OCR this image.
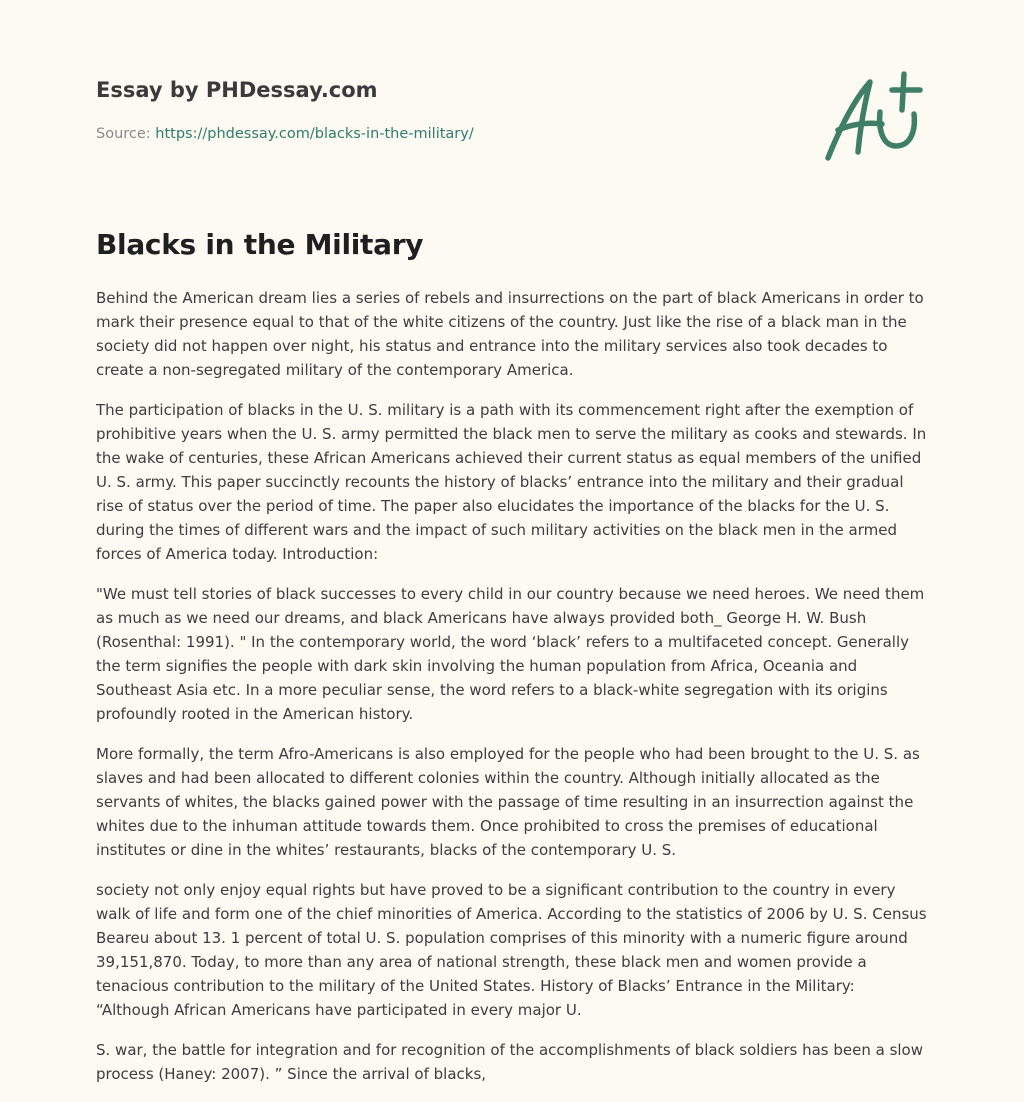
Essay by PHDessay.com
Source: https://phdessay.com/blacks-in-the-military/
Blacks in the Military

Behind the American dream lies a series of rebels and insurrections on the part of black Americans in order to mark their presence equal to that of the white citizens of the country. Just like the rise of a black man in the society did not happen over night, his status and entrance into the military services also took decades to create a non-segregated military of the contemporary America.

The participation of blacks in the U. S. military is a path with its commencement right after the exemption of prohibitive years when the U. S. army permitted the black men to serve the military as cooks and stewards. In the wake of centuries, these African Americans achieved their current status as equal members of the unified U. S. army. This paper succinctly recounts the history of blacks’ entrance into the military and their gradual rise of status over the period of time. The paper also elucidates the importance of the blacks for the U. S. during the times of different wars and the impact of such military activities on the black men in the armed forces of America today. Introduction:

"We must tell stories of black successes to every child in our country because we need heroes. We need them as much as we need our dreams, and black Americans have always provided both_ George H. W. Bush (Rosenthal: 1991). " In the contemporary world, the word ‘black’ refers to a multifaceted concept. Generally the term signifies the people with dark skin involving the human population from Africa, Oceania and Southeast Asia etc. In a more peculiar sense, the word refers to a black-white segregation with its origins profoundly rooted in the American history.

More formally, the term Afro-Americans is also employed for the people who had been brought to the U. S. as slaves and had been allocated to different colonies within the country. Although initially allocated as the servants of whites, the blacks gained power with the passage of time resulting in an insurrection against the whites due to the inhuman attitude towards them. Once prohibited to cross the premises of educational institutes or dine in the whites’ restaurants, blacks of the contemporary U. S.

society not only enjoy equal rights but have proved to be a significant contribution to the country in every walk of life and form one of the chief minorities of America. According to the statistics of 2006 by U. S. Census Beareu about 13. 1 percent of total U. S. population comprises of this minority with a numeric figure around 39,151,870. Today, to more than any area of national strength, these black men and women provide a tenacious contribution to the military of the United States. History of Blacks’ Entrance in the Military: “Although African Americans have participated in every major U.

S. war, the battle for integration and for recognition of the accomplishments of black soldiers has been a slow process (Haney: 2007). ” Since the arrival of blacks,
